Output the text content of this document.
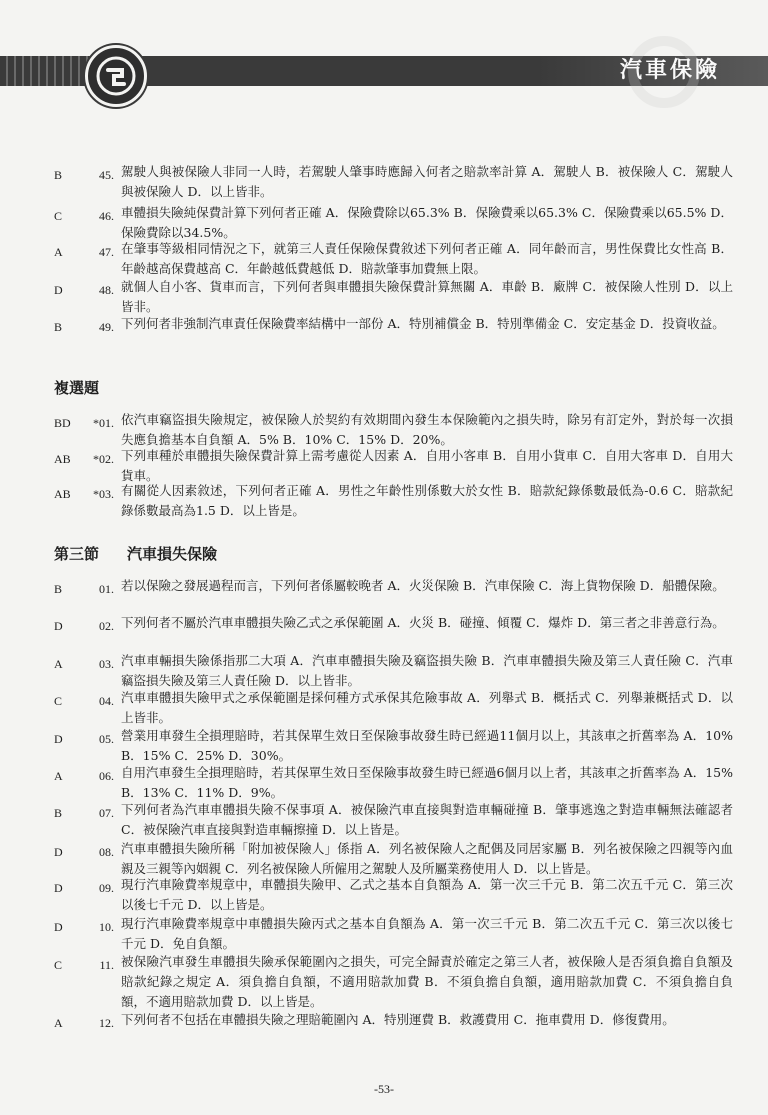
汽車保險
B	45. 駕駛人與被保險人非同一人時，若駕駛人肇事時應歸入何者之賠款率計算 A．駕駛人 B．被保險人 C．駕駛人與被保險人 D．以上皆非。
C	46. 車體損失險純保費計算下列何者正確 A．保險費除以65.3% B．保險費乘以65.3% C．保險費乘以65.5% D．保險費除以34.5%。
A	47. 在肇事等級相同情況之下，就第三人責任保險保費敘述下列何者正確 A．同年齡而言，男性保費比女性高 B．年齡越高保費越高 C．年齡越低費越低 D．賠款肇事加費無上限。
D	48. 就個人自小客、貨車而言，下列何者與車體損失險保費計算無關 A．車齡 B．廠牌 C．被保險人性別 D．以上皆非。
B	49. 下列何者非強制汽車責任保險費率結構中一部份 A．特別補償金 B．特別準備金 C．安定基金 D．投資收益。
複選題
BD	*01. 依汽車竊盜損失險規定，被保險人於契約有效期間內發生本保險範內之損失時，除另有訂定外，對於每一次損失應負擔基本自負額 A．5% B．10% C．15% D．20%。
AB	*02. 下列車種於車體損失險保費計算上需考慮從人因素 A．自用小客車 B．自用小貨車 C．自用大客車 D．自用大貨車。
AB	*03. 有關從人因素敘述，下列何者正確 A．男性之年齡性別係數大於女性 B．賠款紀錄係數最低為-0.6 C．賠款紀錄係數最高為1.5 D．以上皆是。
第三節 汽車損失保險
B	01. 若以保險之發展過程而言，下列何者係屬較晚者 A．火災保險 B．汽車保險 C．海上貨物保險 D．船體保險。
D	02. 下列何者不屬於汽車車體損失險乙式之承保範圍 A．火災 B．碰撞、傾覆 C．爆炸 D．第三者之非善意行為。
A	03. 汽車車輛損失險係指那二大項 A．汽車車體損失險及竊盜損失險 B．汽車車體損失險及第三人責任險 C．汽車竊盜損失險及第三人責任險 D．以上皆非。
C	04. 汽車車體損失險甲式之承保範圍是採何種方式承保其危險事故 A．列舉式 B．概括式 C．列舉兼概括式 D．以上皆非。
D	05. 營業用車發生全損理賠時，若其保單生效日至保險事故發生時已經過11個月以上，其該車之折舊率為 A．10% B．15% C．25% D．30%。
A	06. 自用汽車發生全損理賠時，若其保單生效日至保險事故發生時已經過6個月以上者，其該車之折舊率為 A．15% B．13% C．11% D．9%。
B	07. 下列何者為汽車車體損失險不保事項 A．被保險汽車直接與對造車輛碰撞 B．肇事逃逸之對造車輛無法確認者 C．被保險汽車直接與對造車輛擦撞 D．以上皆是。
D	08. 汽車車體損失險所稱「附加被保險人」係指 A．列名被保險人之配偶及同居家屬 B．列名被保險之四親等內血親及三親等內姻親 C．列名被保險人所僱用之駕駛人及所屬業務使用人 D．以上皆是。
D	09. 現行汽車險費率規章中，車體損失險甲、乙式之基本自負額為 A．第一次三千元 B．第二次五千元 C．第三次以後七千元 D．以上皆是。
D	10. 現行汽車險費率規章中車體損失險丙式之基本自負額為 A．第一次三千元 B．第二次五千元 C．第三次以後七千元 D．免自負額。
C	11. 被保險汽車發生車體損失險承保範圍內之損失，可完全歸責於確定之第三人者，被保險人是否須負擔自負額及賠款紀錄之規定 A．須負擔自負額，不適用賠款加費 B．不須負擔自負額，適用賠款加費 C．不須負擔自負額，不適用賠款加費 D．以上皆是。
A	12. 下列何者不包括在車體損失險之理賠範圍內 A．特別運費 B．救護費用 C．拖車費用 D．修復費用。
-53-
